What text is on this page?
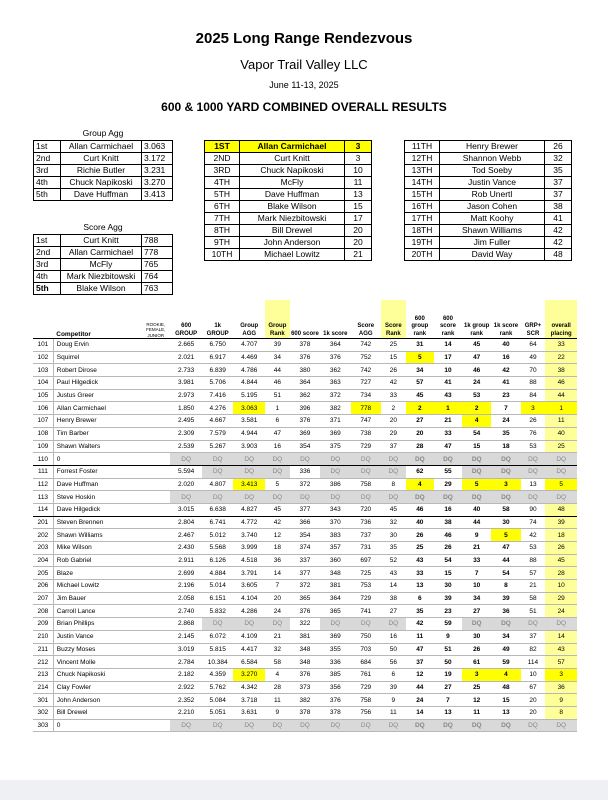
2025 Long Range Rendezvous
Vapor Trail Valley LLC
June 11-13, 2025
600 & 1000 YARD COMBINED OVERALL RESULTS
Group Agg
1st	Allan Carmichael	3.063
2nd	Curt Knitt	3.172
3rd	Richie Butler	3.231
4th	Chuck Napikoski	3.270
5th	Dave Huffman	3.413
Score Agg
1st	Curt Knitt	788
2nd	Allan Carmichael	778
3rd	McFly	765
4th	Mark Niezbitowski	764
5th	Blake Wilson	763
1ST	Allan Carmichael	3
2ND	Curt Knitt	3
3RD	Chuck Napikoski	10
4TH	McFly	11
5TH	Dave Huffman	13
6TH	Blake Wilson	15
7TH	Mark Niezbitowski	17
8TH	Bill Drewel	20
9TH	John Anderson	20
10TH	Michael Lowitz	21
11TH	Henry Brewer	26
12TH	Shannon Webb	32
13TH	Tod Soeby	35
14TH	Justin Vance	37
15TH	Rob Unertl	37
16TH	Jason Cohen	38
17TH	Matt Koohy	41
18TH	Shawn Williams	42
19TH	Jim Fuller	42
20TH	David Way	48
	Competitor	ROOKIE, FEMALE, JUNIOR	600 GROUP	1k GROUP	Group AGG	Group Rank	600 score	1k score	Score AGG	Score Rank	600 group rank	600 score rank	1k group rank	1k score rank	GRP+ SCR	overall placing
101	Doug Ervin		2.665	6.750	4.707	39	378	364	742	25	31	14	45	40	64	33
102	Squirrel		2.021	6.917	4.469	34	376	376	752	15	5	17	47	16	49	22
103	Robert Dirose		2.733	6.839	4.786	44	380	362	742	26	34	10	46	42	70	38
104	Paul Hilgedick		3.981	5.706	4.844	46	364	363	727	42	57	41	24	41	88	46
105	Justus Greer		2.973	7.416	5.195	51	362	372	734	33	45	43	53	23	84	44
106	Allan Carmichael		1.850	4.276	3.063	1	396	382	778	2	2	1	2	7	3	1
107	Henry Brewer		2.495	4.667	3.581	6	376	371	747	20	27	21	4	24	26	11
108	Tim Barber		2.309	7.579	4.944	47	369	369	738	29	20	33	54	35	76	40
109	Shawn Walters		2.539	5.267	3.903	16	354	375	729	37	28	47	15	18	53	25
110	0		DQ	DQ	DQ	DQ	DQ	DQ	DQ	DQ	DQ	DQ	DQ	DQ	DQ	DQ
111	Forrest Foster		5.594	DQ	DQ	DQ	336	DQ	DQ	DQ	62	55	DQ	DQ	DQ	DQ
112	Dave Huffman		2.020	4.807	3.413	5	372	386	758	8	4	29	5	3	13	5
113	Steve Hoskin		DQ	DQ	DQ	DQ	DQ	DQ	DQ	DQ	DQ	DQ	DQ	DQ	DQ	DQ
114	Dave Hilgedick		3.015	6.638	4.827	45	377	343	720	45	46	16	40	58	90	48
201	Steven Brennen		2.804	6.741	4.772	42	366	370	736	32	40	38	44	30	74	39
202	Shawn Williams		2.467	5.012	3.740	12	354	383	737	30	26	46	9	5	42	18
203	Mike Wilson		2.430	5.568	3.999	18	374	357	731	35	25	26	21	47	53	26
204	Rob Gabriel		2.911	6.126	4.518	36	337	360	697	52	43	54	33	44	88	45
205	Blaze		2.699	4.884	3.791	14	377	348	725	43	33	15	7	54	57	28
206	Michael Lowitz		2.196	5.014	3.605	7	372	381	753	14	13	30	10	8	21	10
207	Jim Bauer		2.058	6.151	4.104	20	365	364	729	38	6	39	34	39	58	29
208	Carroll Lance		2.740	5.832	4.286	24	376	365	741	27	35	23	27	36	51	24
209	Brian Phillips		2.868	DQ	DQ	DQ	322	DQ	DQ	DQ	42	59	DQ	DQ	DQ	DQ
210	Justin Vance		2.145	6.072	4.109	21	381	369	750	16	11	9	30	34	37	14
211	Buzzy Moses		3.019	5.815	4.417	32	348	355	703	50	47	51	26	49	82	43
212	Vincent Molle		2.784	10.384	6.584	58	348	336	684	56	37	50	61	59	114	57
213	Chuck Napikoski		2.182	4.359	3.270	4	376	385	761	6	12	19	3	4	10	3
214	Clay Fowler		2.922	5.762	4.342	28	373	356	729	39	44	27	25	48	67	36
301	John Anderson		2.352	5.084	3.718	11	382	376	758	9	24	7	12	15	20	9
302	Bill Drewel		2.210	5.051	3.631	9	378	378	756	11	14	13	11	13	20	8
303	0		DQ	DQ	DQ	DQ	DQ	DQ	DQ	DQ	DQ	DQ	DQ	DQ	DQ	DQ
